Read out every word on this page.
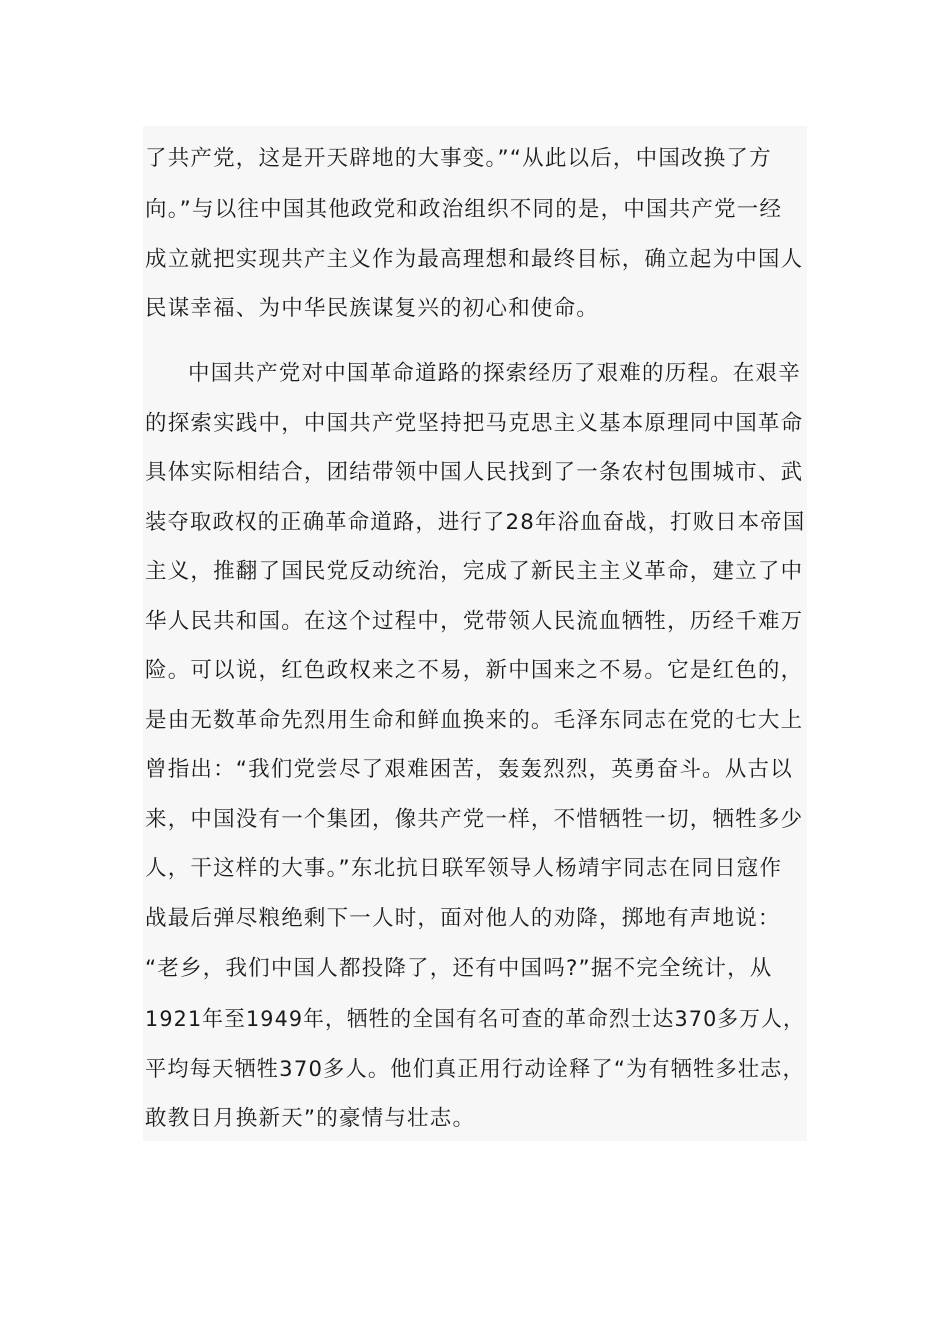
了共产党，这是开天辟地的大事变。”“从此以后，中国改换了方
向。”与以往中国其他政党和政治组织不同的是，中国共产党一经
成立就把实现共产主义作为最高理想和最终目标，确立起为中国人
民谋幸福、为中华民族谋复兴的初心和使命。
中国共产党对中国革命道路的探索经历了艰难的历程。在艰辛
的探索实践中，中国共产党坚持把马克思主义基本原理同中国革命
具体实际相结合，团结带领中国人民找到了一条农村包围城市、武
装夺取政权的正确革命道路，进行了28年浴血奋战，打败日本帝国
主义，推翻了国民党反动统治，完成了新民主主义革命，建立了中
华人民共和国。在这个过程中，党带领人民流血牺牲，历经千难万
险。可以说，红色政权来之不易，新中国来之不易。它是红色的，
是由无数革命先烈用生命和鲜血换来的。毛泽东同志在党的七大上
曾指出：“我们党尝尽了艰难困苦，轰轰烈烈，英勇奋斗。从古以
来，中国没有一个集团，像共产党一样，不惜牺牲一切，牺牲多少
人，干这样的大事。”东北抗日联军领导人杨靖宇同志在同日寇作
战最后弹尽粮绝剩下一人时，面对他人的劝降，掷地有声地说：
“老乡，我们中国人都投降了，还有中国吗?”据不完全统计，从
1921年至1949年，牺牲的全国有名可查的革命烈士达370多万人，
平均每天牺牲370多人。他们真正用行动诠释了“为有牺牲多壮志，
敢教日月换新天”的豪情与壮志。
